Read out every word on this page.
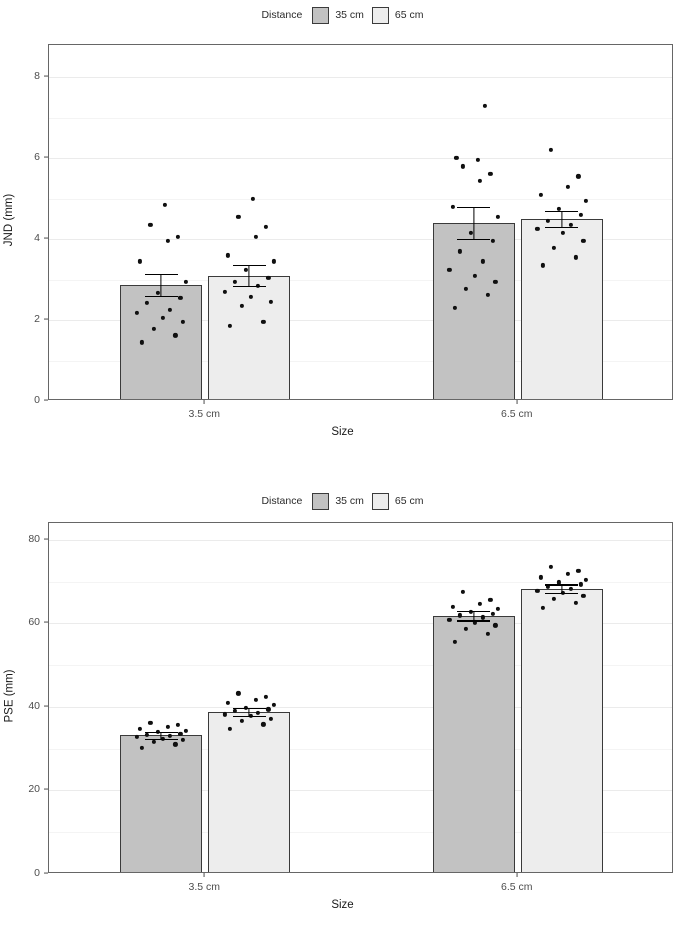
Distance	35 cm	65 cm
0
2
4
6
8
3.5 cm	6.5 cm
Size
JND (mm)
Distance	35 cm	65 cm
0
20
40
60
80
3.5 cm	6.5 cm
Size
PSE (mm)
